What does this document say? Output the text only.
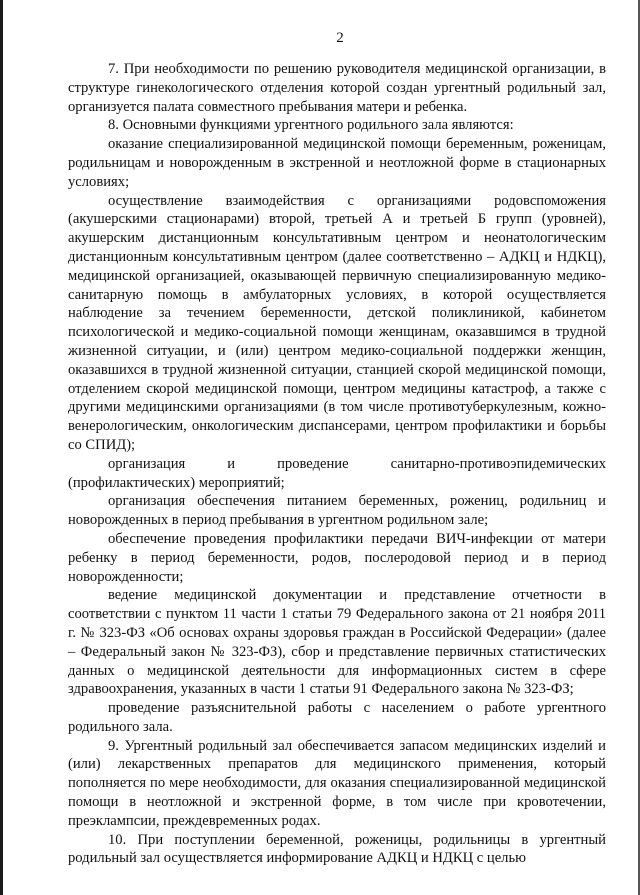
2

7. При необходимости по решению руководителя медицинской организации, в структуре гинекологического отделения которой создан ургентный родильный зал, организуется палата совместного пребывания матери и ребенка.

8. Основными функциями ургентного родильного зала являются:

оказание специализированной медицинской помощи беременным, роженицам, родильницам и новорожденным в экстренной и неотложной форме в стационарных условиях;

осуществление взаимодействия с организациями родовспоможения (акушерскими стационарами) второй, третьей А и третьей Б групп (уровней), акушерским дистанционным консультативным центром и неонатологическим дистанционным консультативным центром (далее соответственно – АДКЦ и НДКЦ), медицинской организацией, оказывающей первичную специализированную медико-санитарную помощь в амбулаторных условиях, в которой осуществляется наблюдение за течением беременности, детской поликлиникой, кабинетом психологической и медико-социальной помощи женщинам, оказавшимся в трудной жизненной ситуации, и (или) центром медико-социальной поддержки женщин, оказавшихся в трудной жизненной ситуации, станцией скорой медицинской помощи, отделением скорой медицинской помощи, центром медицины катастроф, а также с другими медицинскими организациями (в том числе противотуберкулезным, кожно-венерологическим, онкологическим диспансерами, центром профилактики и борьбы со СПИД);

организация и проведение санитарно-противоэпидемических (профилактических) мероприятий;

организация обеспечения питанием беременных, рожениц, родильниц и новорожденных в период пребывания в ургентном родильном зале;

обеспечение проведения профилактики передачи ВИЧ-инфекции от матери ребенку в период беременности, родов, послеродовой период и в период новорожденности;

ведение медицинской документации и представление отчетности в соответствии с пунктом 11 части 1 статьи 79 Федерального закона от 21 ноября 2011 г. № 323-ФЗ «Об основах охраны здоровья граждан в Российской Федерации» (далее – Федеральный закон № 323-ФЗ), сбор и представление первичных статистических данных о медицинской деятельности для информационных систем в сфере здравоохранения, указанных в части 1 статьи 91 Федерального закона № 323-ФЗ;

проведение разъяснительной работы с населением о работе ургентного родильного зала.

9. Ургентный родильный зал обеспечивается запасом медицинских изделий и (или) лекарственных препаратов для медицинского применения, который пополняется по мере необходимости, для оказания специализированной медицинской помощи в неотложной и экстренной форме, в том числе при кровотечении, преэклампсии, преждевременных родах.

10. При поступлении беременной, роженицы, родильницы в ургентный родильный зал осуществляется информирование АДКЦ и НДКЦ с целью
